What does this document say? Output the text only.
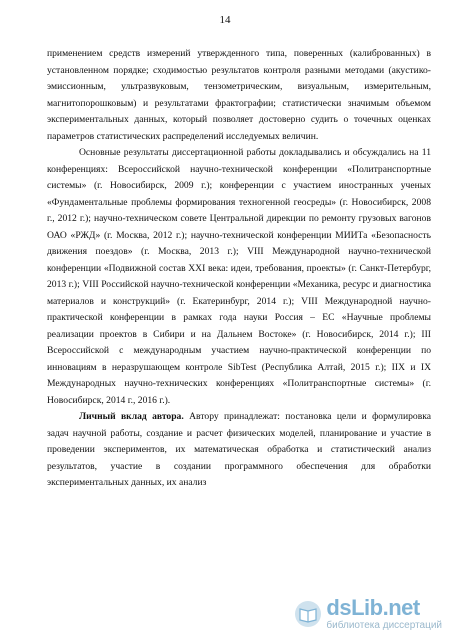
14

применением средств измерений утвержденного типа, поверенных (калиброванных) в установленном порядке; сходимостью результатов контроля разными методами (акустико-эмиссионным, ультразвуковым, тензометрическим, визуальным, измерительным, магнитопорошковым) и результатами фрактографии; статистически значимым объемом экспериментальных данных, который позволяет достоверно судить о точечных оценках параметров статистических распределений исследуемых величин.

Основные результаты диссертационной работы докладывались и обсуждались на 11 конференциях: Всероссийской научно-технической конференции «Политранспортные системы» (г. Новосибирск, 2009 г.); конференции с участием иностранных ученых «Фундаментальные проблемы формирования техногенной геосреды» (г. Новосибирск, 2008 г., 2012 г.); научно-техническом совете Центральной дирекции по ремонту грузовых вагонов ОАО «РЖД» (г. Москва, 2012 г.); научно-технической конференции МИИТа «Безопасность движения поездов» (г. Москва, 2013 г.); VIII Международной научно-технической конференции «Подвижной состав XXI века: идеи, требования, проекты» (г. Санкт-Петербург, 2013 г.); VIII Российской научно-технической конференции «Механика, ресурс и диагностика материалов и конструкций» (г. Екатеринбург, 2014 г.); VIII Международной научно-практической конференции в рамках года науки Россия – ЕС «Научные проблемы реализации проектов в Сибири и на Дальнем Востоке» (г. Новосибирск, 2014 г.); III Всероссийской с международным участием научно-практической конференции по инновациям в неразрушающем контроле SibTest (Республика Алтай, 2015 г.); IIX и IX Международных научно-технических конференциях «Политранспортные системы» (г. Новосибирск, 2014 г., 2016 г.).

Личный вклад автора. Автору принадлежат: постановка цели и формулировка задач научной работы, создание и расчет физических моделей, планирование и участие в проведении экспериментов, их математическая обработка и статистический анализ результатов, участие в создании программного обеспечения для обработки экспериментальных данных, их анализ

dsLib.net
библиотека диссертаций
